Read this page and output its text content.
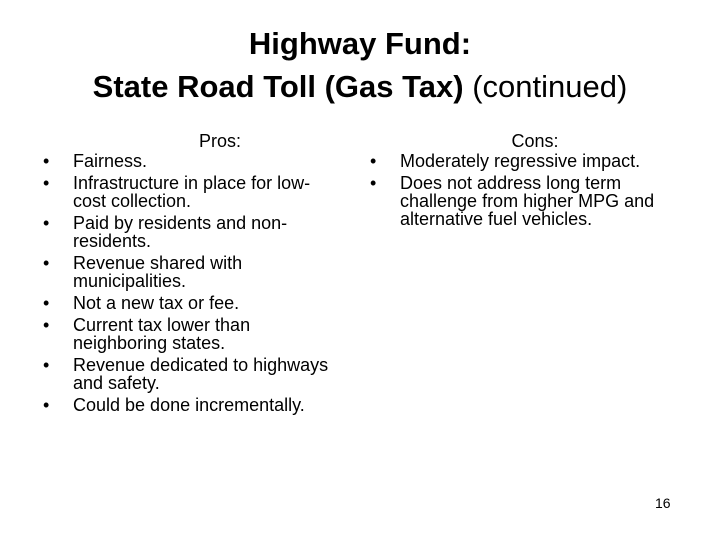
Highway Fund:
State Road Toll (Gas Tax) (continued)
Pros:	Cons:
•	Fairness.
•	Infrastructure in place for low-cost collection.
•	Paid by residents and non-residents.
•	Revenue shared with municipalities.
•	Not a new tax or fee.
•	Current tax lower than neighboring states.
•	Revenue dedicated to highways and safety.
•	Could be done incrementally.
•	Moderately regressive impact.
•	Does not address long term challenge from higher MPG and alternative fuel vehicles.
16
